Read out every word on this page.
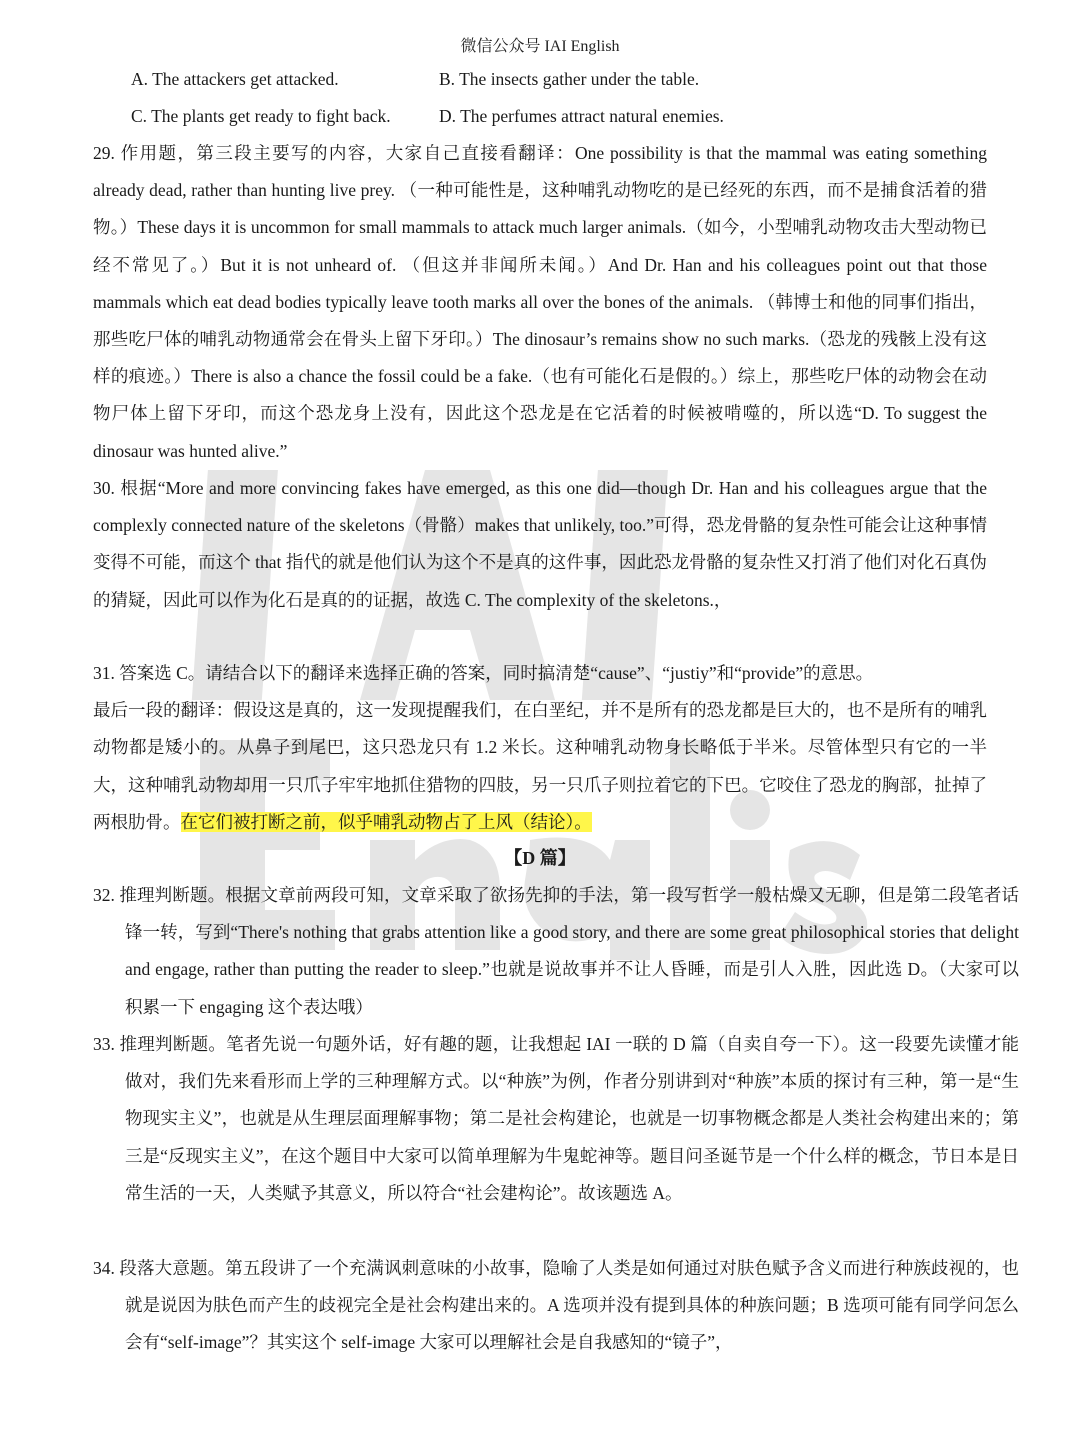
微信公众号 IAI English
A. The attackers get attacked.	B. The insects gather under the table.
C. The plants get ready to fight back.	D. The perfumes attract natural enemies.

29. 作用题，第三段主要写的内容，大家自己直接看翻译：One possibility is that the mammal was eating something already dead, rather than hunting live prey. （一种可能性是，这种哺乳动物吃的是已经死的东西，而不是捕食活着的猎物。）These days it is uncommon for small mammals to attack much larger animals.（如今，小型哺乳动物攻击大型动物已经不常见了。）But it is not unheard of. （但这并非闻所未闻。）And Dr. Han and his colleagues point out that those mammals which eat dead bodies typically leave tooth marks all over the bones of the animals. （韩博士和他的同事们指出，那些吃尸体的哺乳动物通常会在骨头上留下牙印。）The dinosaur’s remains show no such marks.（恐龙的残骸上没有这样的痕迹。）There is also a chance the fossil could be a fake.（也有可能化石是假的。）综上，那些吃尸体的动物会在动物尸体上留下牙印，而这个恐龙身上没有，因此这个恐龙是在它活着的时候被啃噬的，所以选“D. To suggest the dinosaur was hunted alive.”

30. 根据“More and more convincing fakes have emerged, as this one did—though Dr. Han and his colleagues argue that the complexly connected nature of the skeletons（骨骼）makes that unlikely, too.”可得，恐龙骨骼的复杂性可能会让这种事情变得不可能，而这个 that 指代的就是他们认为这个不是真的这件事，因此恐龙骨骼的复杂性又打消了他们对化石真伪的猜疑，因此可以作为化石是真的的证据，故选 C. The complexity of the skeletons.，

31. 答案选 C。请结合以下的翻译来选择正确的答案，同时搞清楚“cause”、“justiy”和“provide”的意思。

最后一段的翻译：假设这是真的，这一发现提醒我们，在白垩纪，并不是所有的恐龙都是巨大的，也不是所有的哺乳动物都是矮小的。从鼻子到尾巴，这只恐龙只有 1.2 米长。这种哺乳动物身长略低于半米。尽管体型只有它的一半大，这种哺乳动物却用一只爪子牢牢地抓住猎物的四肢，另一只爪子则拉着它的下巴。它咬住了恐龙的胸部，扯掉了两根肋骨。在它们被打断之前，似乎哺乳动物占了上风（结论）。

【D 篇】

32. 推理判断题。根据文章前两段可知，文章采取了欲扬先抑的手法，第一段写哲学一般枯燥又无聊，但是第二段笔者话锋一转，写到“There's nothing that grabs attention like a good story, and there are some great philosophical stories that delight and engage, rather than putting the reader to sleep.”也就是说故事并不让人昏睡，而是引人入胜，因此选 D。（大家可以积累一下 engaging 这个表达哦）

33. 推理判断题。笔者先说一句题外话，好有趣的题，让我想起 IAI 一联的 D 篇（自卖自夸一下）。这一段要先读懂才能做对，我们先来看形而上学的三种理解方式。以“种族”为例，作者分别讲到对“种族”本质的探讨有三种，第一是“生物现实主义”，也就是从生理层面理解事物；第二是社会构建论，也就是一切事物概念都是人类社会构建出来的；第三是“反现实主义”，在这个题目中大家可以简单理解为牛鬼蛇神等。题目问圣诞节是一个什么样的概念，节日本是日常生活的一天，人类赋予其意义，所以符合“社会建构论”。故该题选 A。

34. 段落大意题。第五段讲了一个充满讽刺意味的小故事，隐喻了人类是如何通过对肤色赋予含义而进行种族歧视的，也就是说因为肤色而产生的歧视完全是社会构建出来的。A 选项并没有提到具体的种族问题；B 选项可能有同学问怎么会有“self-image”？其实这个 self-image 大家可以理解社会是自我感知的“镜子”，
